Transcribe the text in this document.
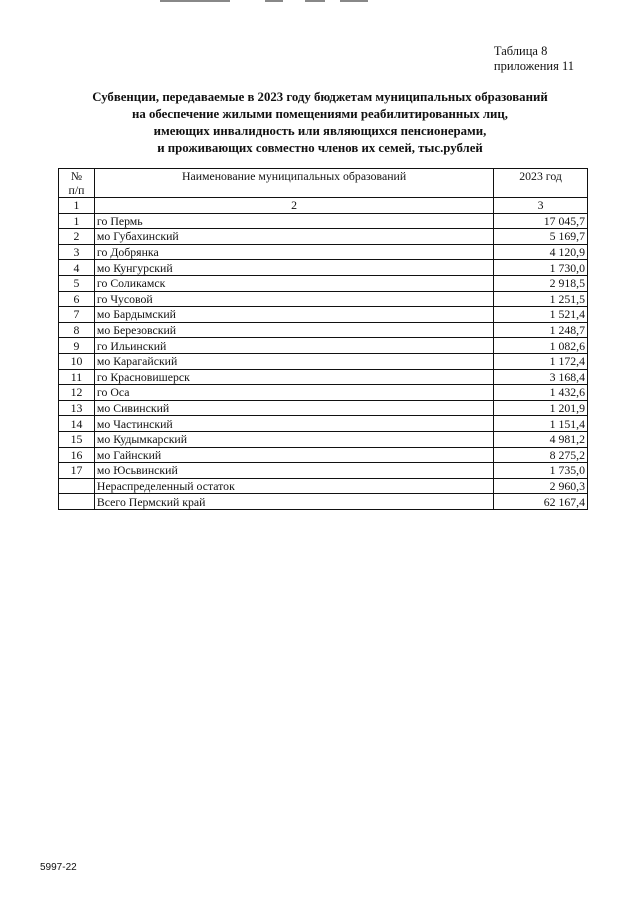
Таблица 8
приложения 11
Субвенции, передаваемые в 2023 году бюджетам муниципальных образований
на обеспечение жилыми помещениями реабилитированных лиц,
имеющих инвалидность или являющихся пенсионерами,
и проживающих совместно членов их семей, тыс.рублей
№
п/п	Наименование муниципальных образований	2023 год
1	2	3
1	го Пермь	17 045,7
2	мо Губахинский	5 169,7
3	го Добрянка	4 120,9
4	мо Кунгурский	1 730,0
5	го Соликамск	2 918,5
6	го Чусовой	1 251,5
7	мо Бардымский	1 521,4
8	мо Березовский	1 248,7
9	го Ильинский	1 082,6
10	мо Карагайский	1 172,4
11	го Красновишерск	3 168,4
12	го Оса	1 432,6
13	мо Сивинский	1 201,9
14	мо Частинский	1 151,4
15	мо Кудымкарский	4 981,2
16	мо Гайнский	8 275,2
17	мо Юсьвинский	1 735,0
	Нераспределенный остаток	2 960,3
	Всего Пермский край	62 167,4
5997-22
